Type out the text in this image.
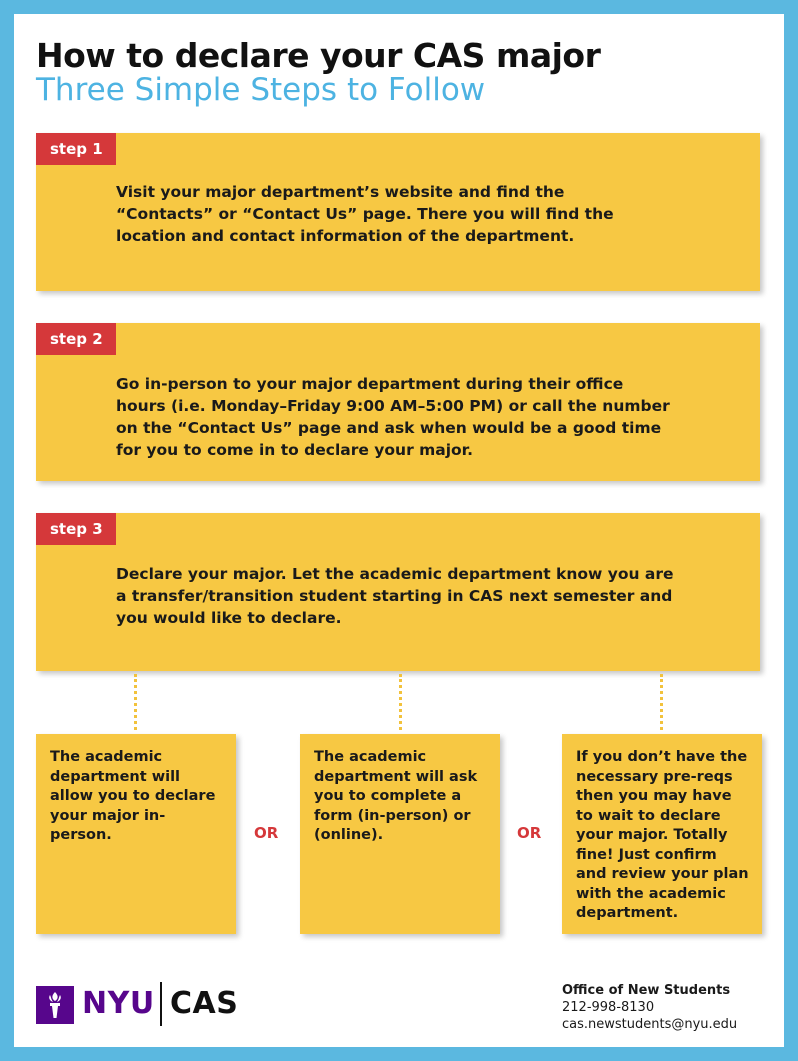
How to declare your CAS major
Three Simple Steps to Follow
step 1
Visit your major department’s website and find the
“Contacts” or “Contact Us” page. There you will find the
location and contact information of the department.
step 2
Go in-person to your major department during their office
hours (i.e. Monday–Friday 9:00 AM–5:00 PM) or call the number
on the “Contact Us” page and ask when would be a good time
for you to come in to declare your major.
step 3
Declare your major. Let the academic department know you are
a transfer/transition student starting in CAS next semester and
you would like to declare.
The academic
department will
allow you to declare
your major in-
person.	OR
The academic
department will ask
you to complete a
form (in-person) or
(online).	OR
If you don’t have the
necessary pre-reqs
then you may have
to wait to declare
your major. Totally
fine! Just confirm
and review your plan
with the academic
department.
NYU CAS	Office of New Students
212-998-8130
cas.newstudents@nyu.edu
